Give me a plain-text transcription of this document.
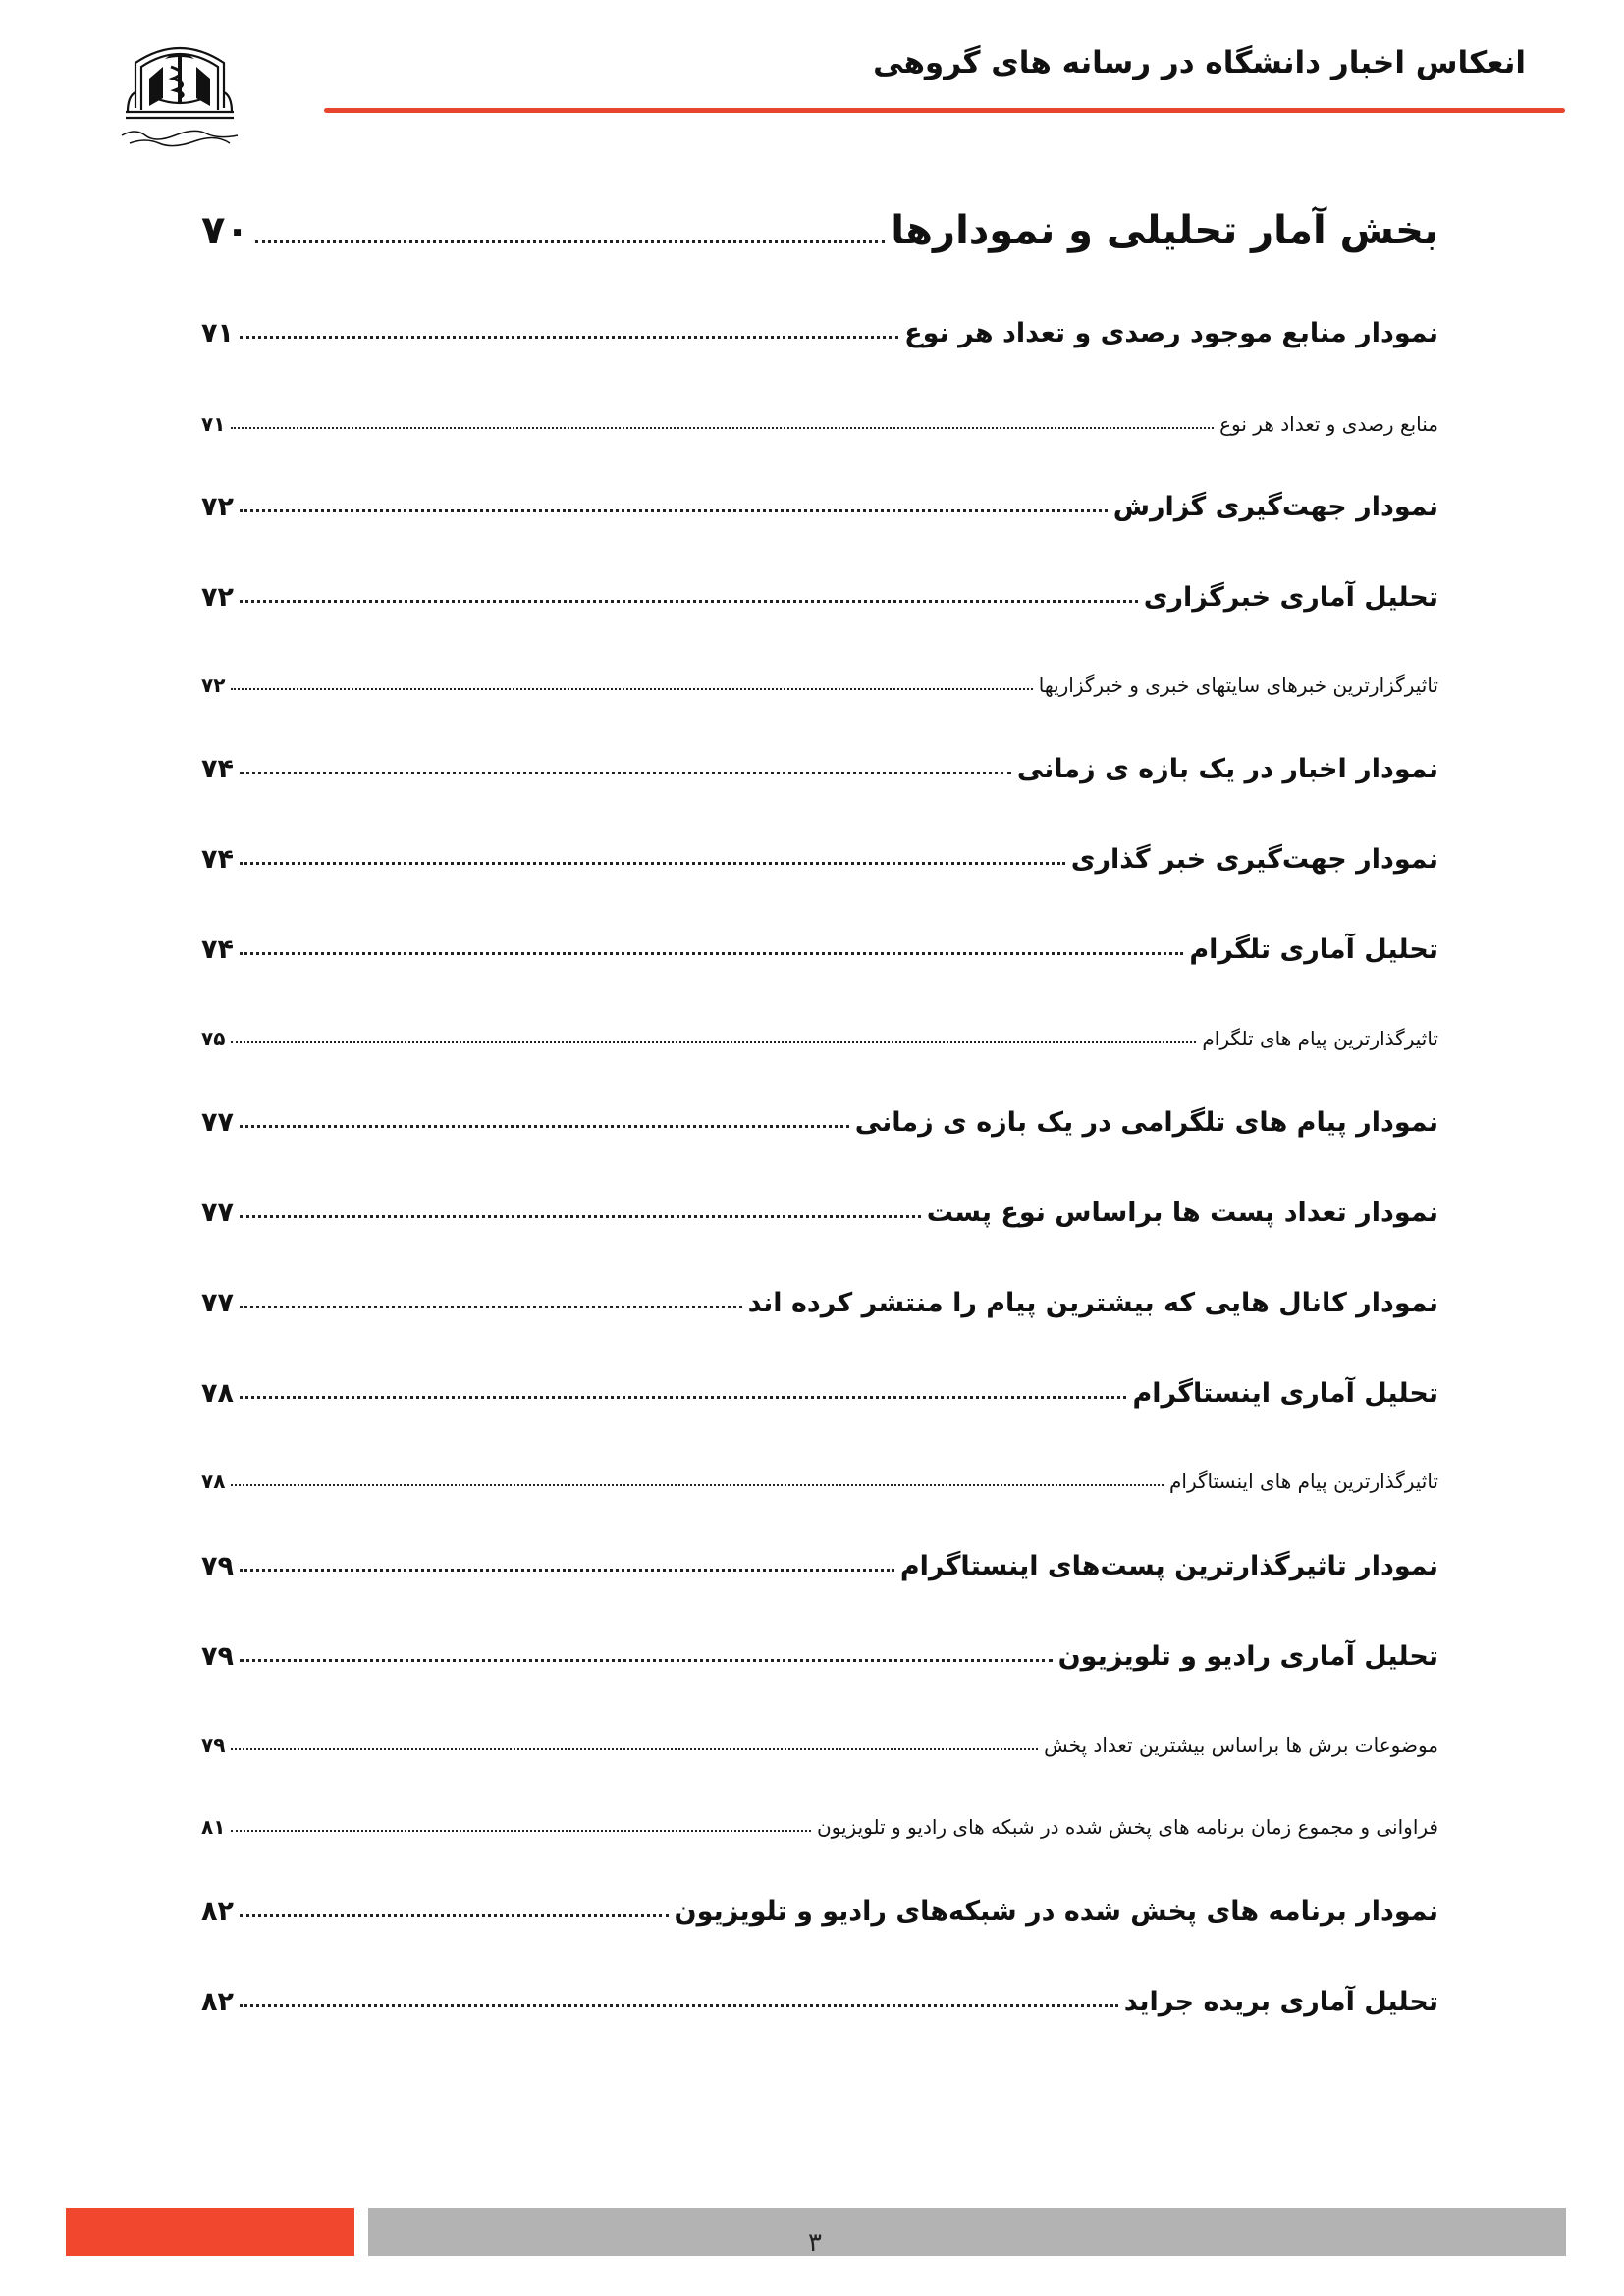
انعکاس اخبار دانشگاه در رسانه های گروهی
بخش آمار تحلیلی و نمودارها
۷۰
نمودار منابع موجود رصدی و تعداد هر نوع
۷۱
منابع رصدی و تعداد هر نوع
۷۱
نمودار جهت‌گیری گزارش
۷۲
تحلیل آماری خبرگزاری
۷۲
تاثیرگزارترین خبرهای سایتهای خبری و خبرگزاریها
۷۲
نمودار اخبار در یک بازه ی زمانی
۷۴
نمودار جهت‌گیری خبر گذاری
۷۴
تحلیل آماری تلگرام
۷۴
تاثیرگذارترین پیام های تلگرام
۷۵
نمودار پیام های تلگرامی در یک بازه ی زمانی
۷۷
نمودار تعداد پست ها براساس نوع پست
۷۷
نمودار کانال هایی که بیشترین پیام را منتشر کرده اند
۷۷
تحلیل آماری اینستاگرام
۷۸
تاثیرگذارترین پیام های اینستاگرام
۷۸
نمودار تاثیرگذارترین پست‌های اینستاگرام
۷۹
تحلیل آماری رادیو و تلویزیون
۷۹
موضوعات برش ها براساس بیشترین تعداد پخش
۷۹
فراوانی و مجموع زمان برنامه های پخش شده در شبکه های رادیو و تلویزیون
۸۱
نمودار برنامه های پخش شده در شبکه‌های رادیو و تلویزیون
۸۲
تحلیل آماری بریده جراید
۸۲
۳
